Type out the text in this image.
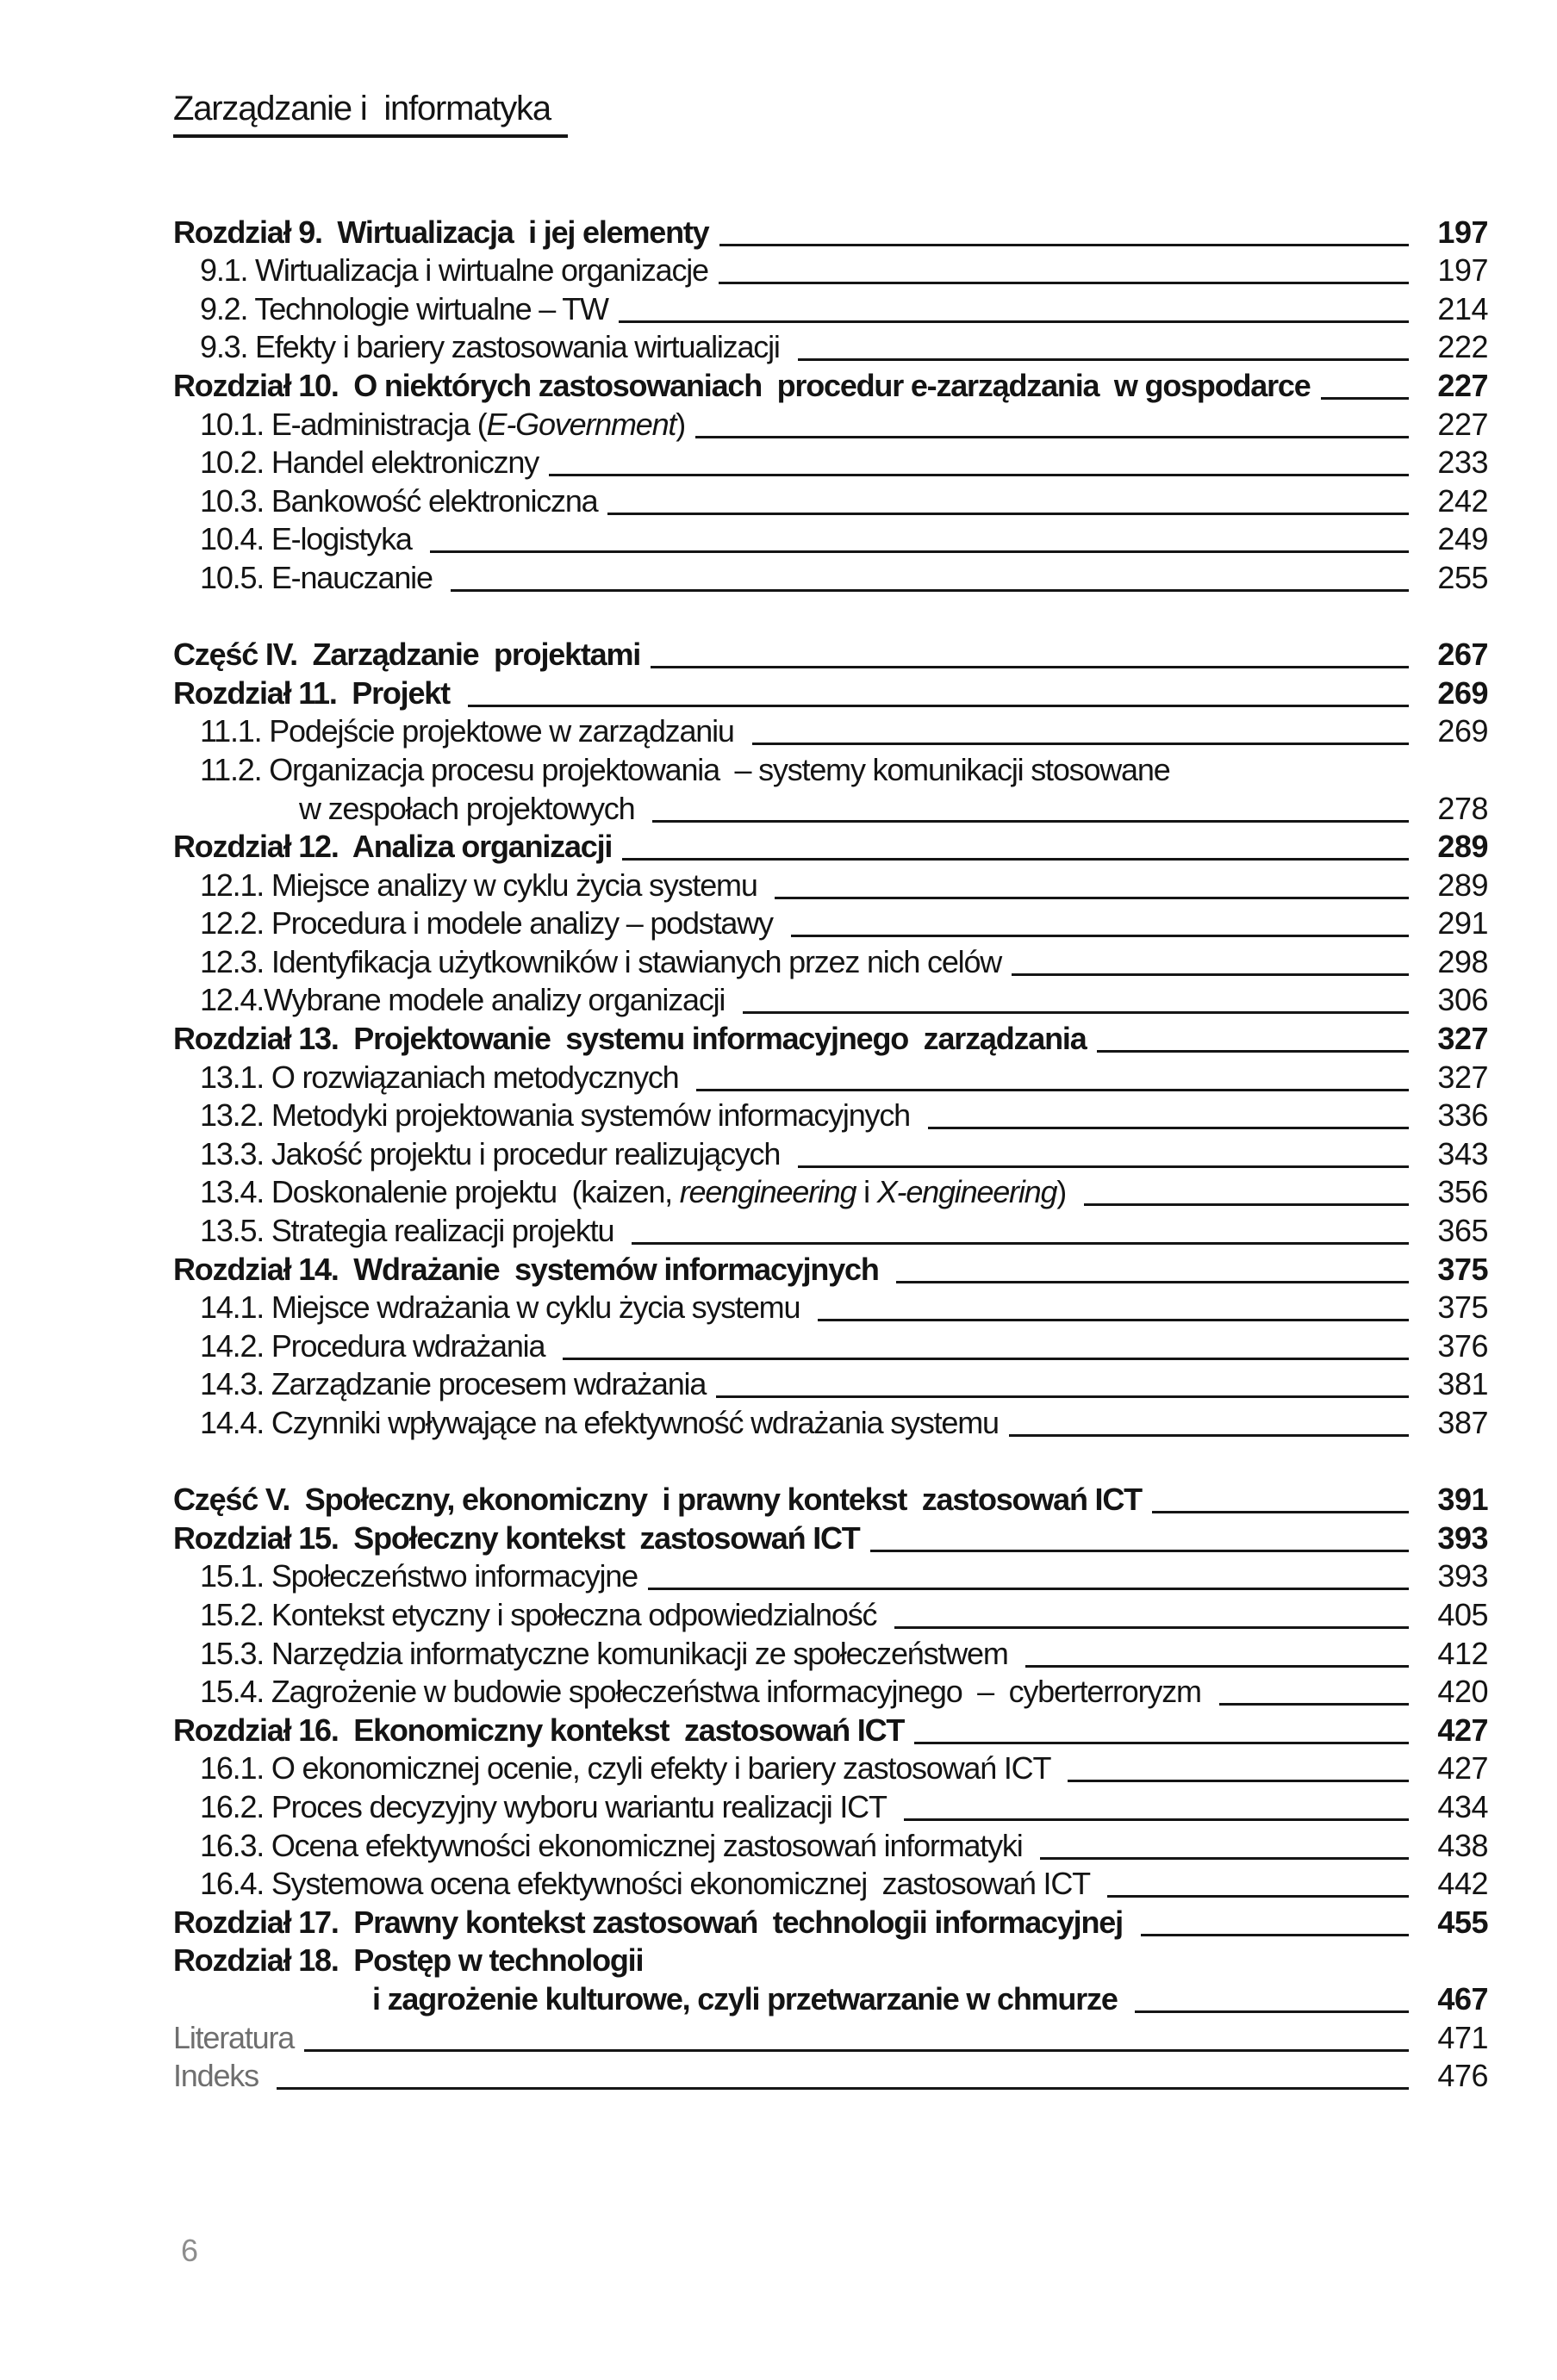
Zarządzanie i  informatyka
Rozdział 9.  Wirtualizacja  i jej elementy	197
9.1. Wirtualizacja i wirtualne organizacje	197
9.2. Technologie wirtualne – TW	214
9.3. Efekty i bariery zastosowania wirtualizacji	222
Rozdział 10.  O niektórych zastosowaniach  procedur e-zarządzania  w gospodarce	227
10.1. E-administracja (E-Government)	227
10.2. Handel elektroniczny	233
10.3. Bankowość elektroniczna	242
10.4. E-logistyka	249
10.5. E-nauczanie	255
Część IV.  Zarządzanie  projektami	267
Rozdział 11.  Projekt	269
11.1. Podejście projektowe w zarządzaniu	269
11.2. Organizacja procesu projektowania  – systemy komunikacji stosowane
w zespołach projektowych	278
Rozdział 12.  Analiza organizacji	289
12.1. Miejsce analizy w cyklu życia systemu	289
12.2. Procedura i modele analizy – podstawy	291
12.3. Identyfikacja użytkowników i stawianych przez nich celów	298
12.4.Wybrane modele analizy organizacji	306
Rozdział 13.  Projektowanie  systemu informacyjnego  zarządzania	327
13.1. O rozwiązaniach metodycznych	327
13.2. Metodyki projektowania systemów informacyjnych	336
13.3. Jakość projektu i procedur realizujących	343
13.4. Doskonalenie projektu  (kaizen, reengineering i X-engineering)	356
13.5. Strategia realizacji projektu	365
Rozdział 14.  Wdrażanie  systemów informacyjnych	375
14.1. Miejsce wdrażania w cyklu życia systemu	375
14.2. Procedura wdrażania	376
14.3. Zarządzanie procesem wdrażania	381
14.4. Czynniki wpływające na efektywność wdrażania systemu	387
Część V.  Społeczny, ekonomiczny  i prawny kontekst  zastosowań ICT	391
Rozdział 15.  Społeczny kontekst  zastosowań ICT	393
15.1. Społeczeństwo informacyjne	393
15.2. Kontekst etyczny i społeczna odpowiedzialność	405
15.3. Narzędzia informatyczne komunikacji ze społeczeństwem	412
15.4. Zagrożenie w budowie społeczeństwa informacyjnego  –  cyberterroryzm	420
Rozdział 16.  Ekonomiczny kontekst  zastosowań ICT	427
16.1. O ekonomicznej ocenie, czyli efekty i bariery zastosowań ICT	427
16.2. Proces decyzyjny wyboru wariantu realizacji ICT	434
16.3. Ocena efektywności ekonomicznej zastosowań informatyki	438
16.4. Systemowa ocena efektywności ekonomicznej  zastosowań ICT	442
Rozdział 17.  Prawny kontekst zastosowań  technologii informacyjnej	455
Rozdział 18.  Postęp w technologii
i zagrożenie kulturowe, czyli przetwarzanie w chmurze	467
Literatura	471
Indeks	476
6
